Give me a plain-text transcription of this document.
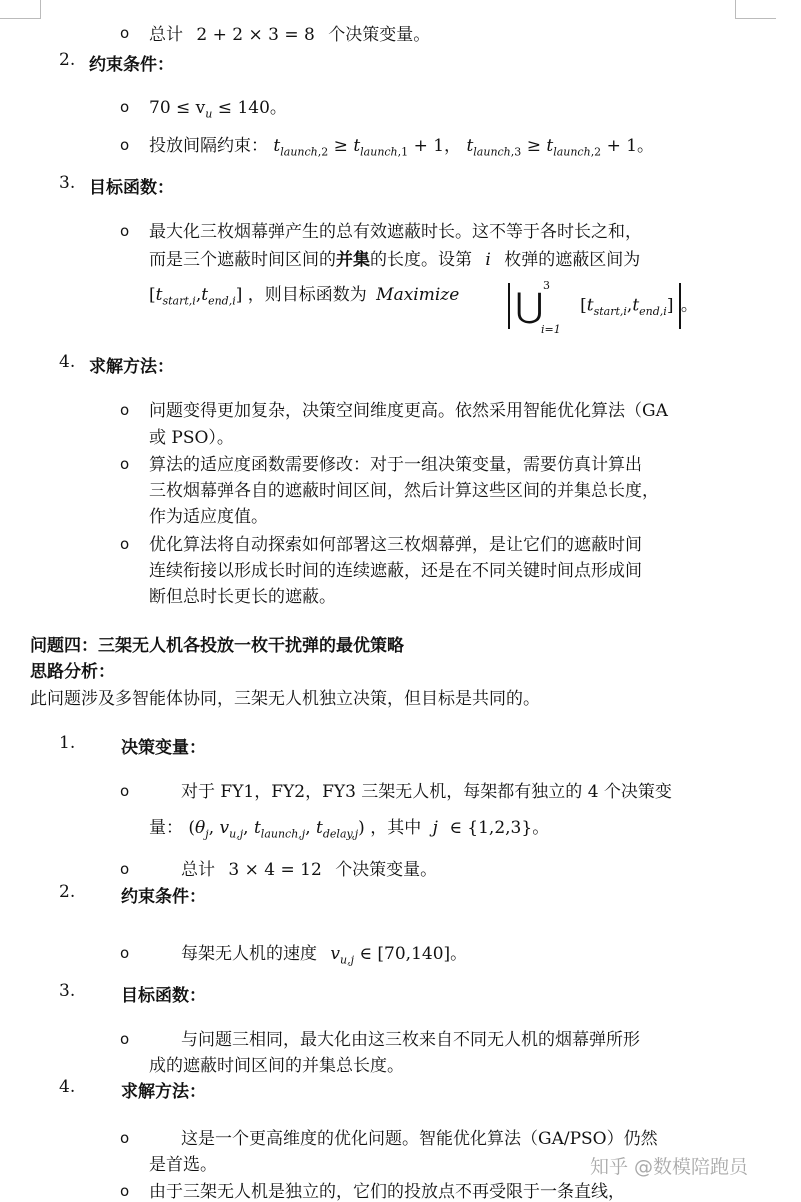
o 总计 2 + 2 × 3 = 8 个决策变量。
2. 约束条件：
o $70 \le v_u \le 140$。
o 投放间隔约束： $t_{launch,2} \ge t_{launch,1} + 1$， $t_{launch,3} \ge t_{launch,2} + 1$。
3. 目标函数：
o 最大化三枚烟幕弹产生的总有效遮蔽时长。这不等于各时长之和，
而是三个遮蔽时间区间的并集的长度。设第 i 枚弹的遮蔽区间为
$[t_{start,i},t_{end,i}]$ ，则目标函数为 Maximize ⋃
3
i=1
$[t_{start,i},t_{end,i}]$ 。
4. 求解方法：
o 问题变得更加复杂，决策空间维度更高。依然采用智能优化算法（GA
或 PSO）。
o 算法的适应度函数需要修改：对于一组决策变量，需要仿真计算出
三枚烟幕弹各自的遮蔽时间区间，然后计算这些区间的并集总长度，
作为适应度值。
o 优化算法将自动探索如何部署这三枚烟幕弹，是让它们的遮蔽时间
连续衔接以形成长时间的连续遮蔽，还是在不同关键时间点形成间
断但总时长更长的遮蔽。
问题四：三架无人机各投放一枚干扰弹的最优策略
思路分析：
此问题涉及多智能体协同，三架无人机独立决策，但目标是共同的。
1.	决策变量：
o	对于 FY1，FY2，FY3 三架无人机，每架都有独立的 4 个决策变
量： ($\theta_j$, $v_{u,j}$, $t_{launch,j}$, $t_{delay,j}$) ，其中 j ∈ {1,2,3}。
o	总计 3 × 4 = 12 个决策变量。
2.	约束条件：
o	每架无人机的速度 $v_{u,j}$ ∈ [70,140]。
3.	目标函数：
o	与问题三相同，最大化由这三枚来自不同无人机的烟幕弹所形
成的遮蔽时间区间的并集总长度。
4.	求解方法：
o	这是一个更高维度的优化问题。智能优化算法（GA/PSO）仍然
是首选。
o 由于三架无人机是独立的，它们的投放点不再受限于一条直线，
知乎 @数模陪跑员
